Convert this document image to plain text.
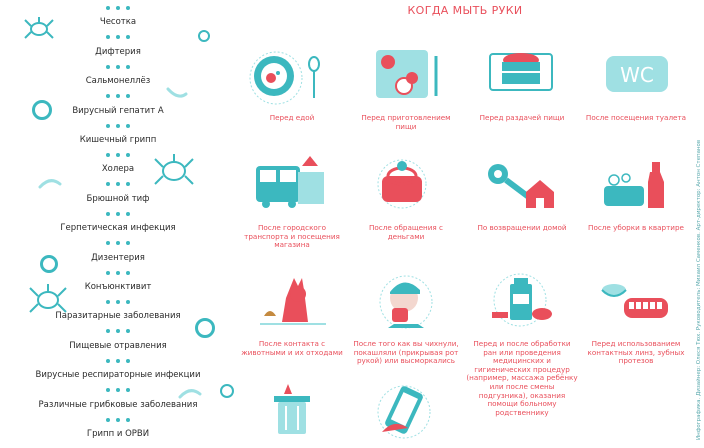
Чесотка
Дифтерия
Сальмонеллёз
Вирусный гепатит А
Кишечный грипп
Холера
Брюшной тиф
Герпетическая инфекция
Дизентерия
Конъюнктивит
Паразитарные заболевания
Пищевые отравления
Вирусные респираторные инфекции
Различные грибковые заболевания
Грипп и ОРВИ
КОГДА МЫТЬ РУКИ
Перед едой	Перед приготовлением пищи
Перед раздачей пищи
WC
После посещения туалета
После городского транспорта и посещения магазина
После обращения с деньгами
По возвращении домой	После уборки в квартире
После контакта с животными и их отходами
После того как вы чихнули, покашляли (прикрывая рот рукой) или высморкались
Перед и после обработки ран или проведения медицинских и гигиенических процедур (например, массажа ребёнку или после смены подгузника), оказания помощи больному родственнику
Перед использованием контактных линз, зубных протезов	Инфографика. Дизайнер: Олеся Тюх. Руководитель: Михаил Саменков. Арт-директор: Антон Степанов
